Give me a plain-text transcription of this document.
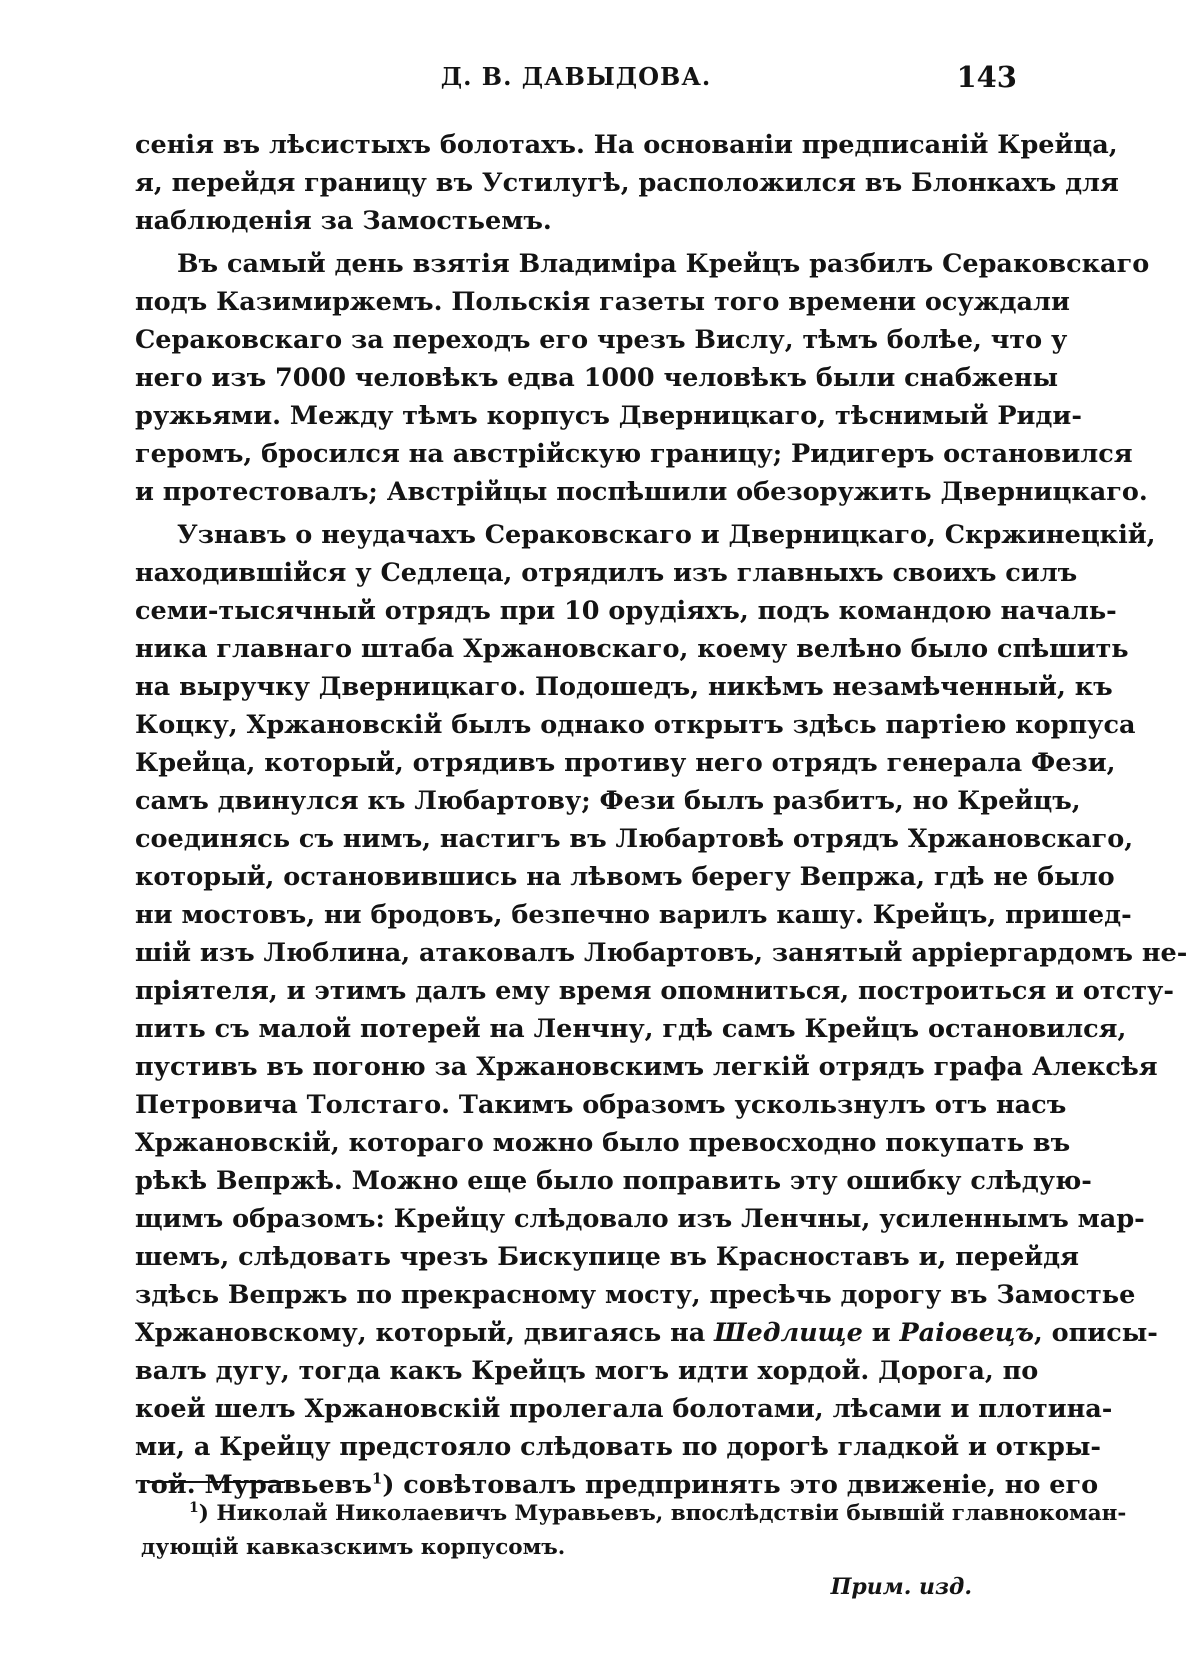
Д. В. ДАВЫДОВА.	143
сенія въ лѣсистыхъ болотахъ. На основаніи предписаній Крейца,
я, перейдя границу въ Устилугѣ, расположился въ Блонкахъ для
наблюденія за Замостьемъ.
Въ самый день взятія Владиміра Крейцъ разбилъ Сераковскаго
подъ Казимиржемъ. Польскія газеты того времени осуждали
Сераковскаго за переходъ его чрезъ Вислу, тѣмъ болѣе, что у
него изъ 7000 человѣкъ едва 1000 человѣкъ были снабжены
ружьями. Между тѣмъ корпусъ Дверницкаго, тѣснимый Риди-
геромъ, бросился на австрійскую границу; Ридигеръ остановился
и протестовалъ; Австрійцы поспѣшили обезоружить Дверницкаго.
Узнавъ о неудачахъ Сераковскаго и Дверницкаго, Скржинецкій,
находившійся у Седлеца, отрядилъ изъ главныхъ своихъ силъ
семи-тысячный отрядъ при 10 орудіяхъ, подъ командою началь-
ника главнаго штаба Хржановскаго, коему велѣно было спѣшить
на выручку Дверницкаго. Подошедъ, никѣмъ незамѣченный, къ
Коцку, Хржановскій былъ однако открытъ здѣсь партіею корпуса
Крейца, который, отрядивъ противу него отрядъ генерала Фези,
самъ двинулся къ Любартову; Фези былъ разбитъ, но Крейцъ,
соединясь съ нимъ, настигъ въ Любартовѣ отрядъ Хржановскаго,
который, остановившись на лѣвомъ берегу Вепржа, гдѣ не было
ни мостовъ, ни бродовъ, безпечно варилъ кашу. Крейцъ, пришед-
шій изъ Люблина, атаковалъ Любартовъ, занятый арріергардомъ не-
пріятеля, и этимъ далъ ему время опомниться, построиться и отсту-
пить съ малой потерей на Ленчну, гдѣ самъ Крейцъ остановился,
пустивъ въ погоню за Хржановскимъ легкій отрядъ графа Алексѣя
Петровича Толстаго. Такимъ образомъ ускользнулъ отъ насъ
Хржановскій, котораго можно было превосходно покупать въ
рѣкѣ Вепржѣ. Можно еще было поправить эту ошибку слѣдую-
щимъ образомъ: Крейцу слѣдовало изъ Ленчны, усиленнымъ мар-
шемъ, слѣдовать чрезъ Бискупице въ Красноставъ и, перейдя
здѣсь Вепржъ по прекрасному мосту, пресѣчь дорогу въ Замостье
Хржановскому, который, двигаясь на Шедлище и Раіовецъ, описы-
валъ дугу, тогда какъ Крейцъ могъ идти хордой. Дорога, по
коей шелъ Хржановскій пролегала болотами, лѣсами и плотина-
ми, а Крейцу предстояло слѣдовать по дорогѣ гладкой и откры-
той. Муравьевъ$^1$) совѣтовалъ предпринять это движеніе, но его
$^1$) Николай Николаевичъ Муравьевъ, впослѣдствіи бывшій главнокоман-
дующій кавказскимъ корпусомъ.
Прим. изд.
